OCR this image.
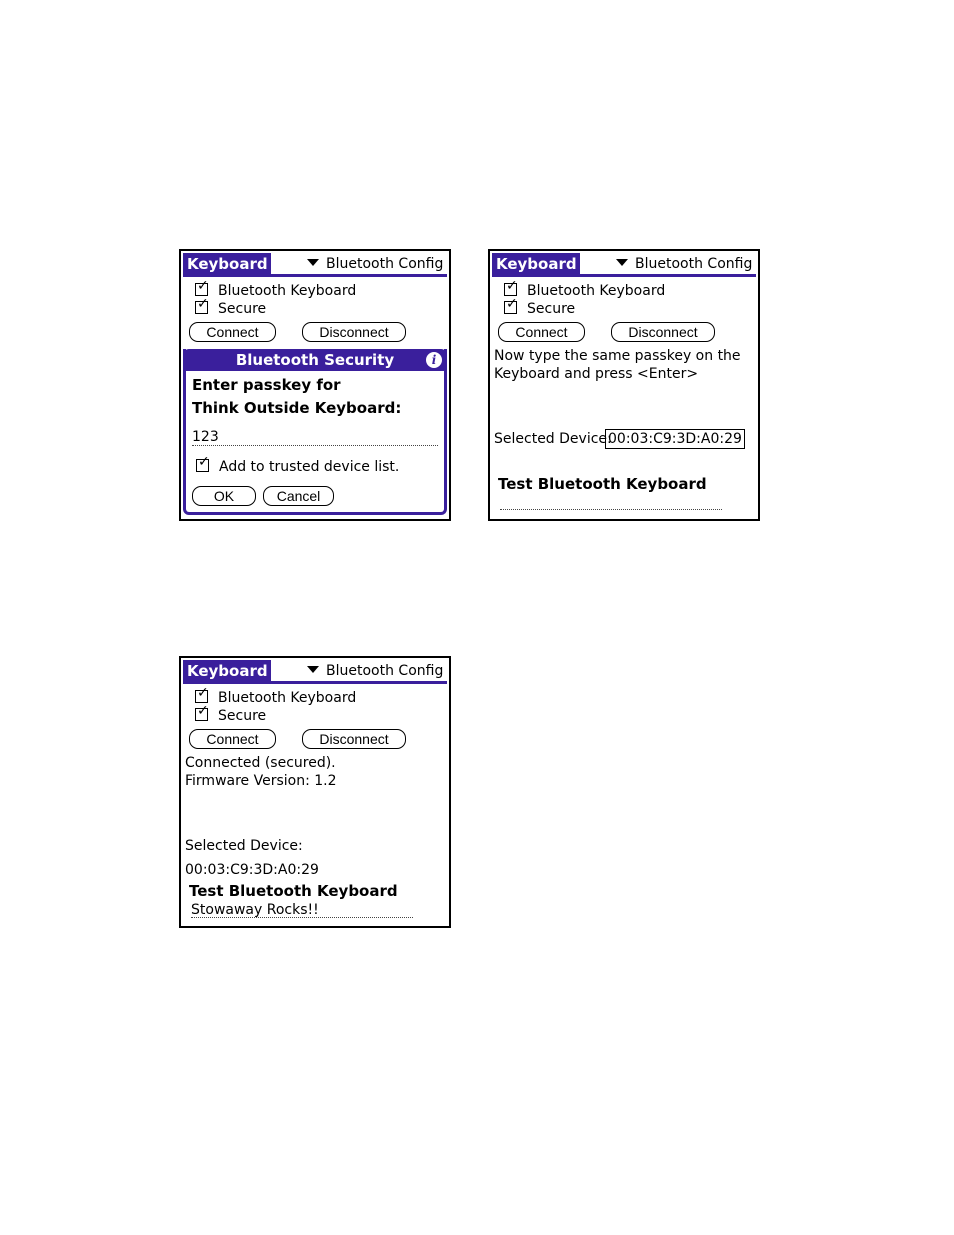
Keyboard	Bluetooth Config
✓ Bluetooth Keyboard
✓ Secure
Connect	Disconnect
Bluetooth Security	i
Enter passkey for
Think Outside Keyboard:
123
✓ Add to trusted device list.
OK	Cancel
Keyboard	Bluetooth Config
✓ Bluetooth Keyboard
✓ Secure
Connect	Disconnect
Now type the same passkey on the
Keyboard and press <Enter>
Selected Device:
00:03:C9:3D:A0:29
Test Bluetooth Keyboard
Keyboard	Bluetooth Config
✓ Bluetooth Keyboard
✓ Secure
Connect	Disconnect
Connected (secured).
Firmware Version: 1.2
Selected Device:
00:03:C9:3D:A0:29
Test Bluetooth Keyboard
Stowaway Rocks!!
